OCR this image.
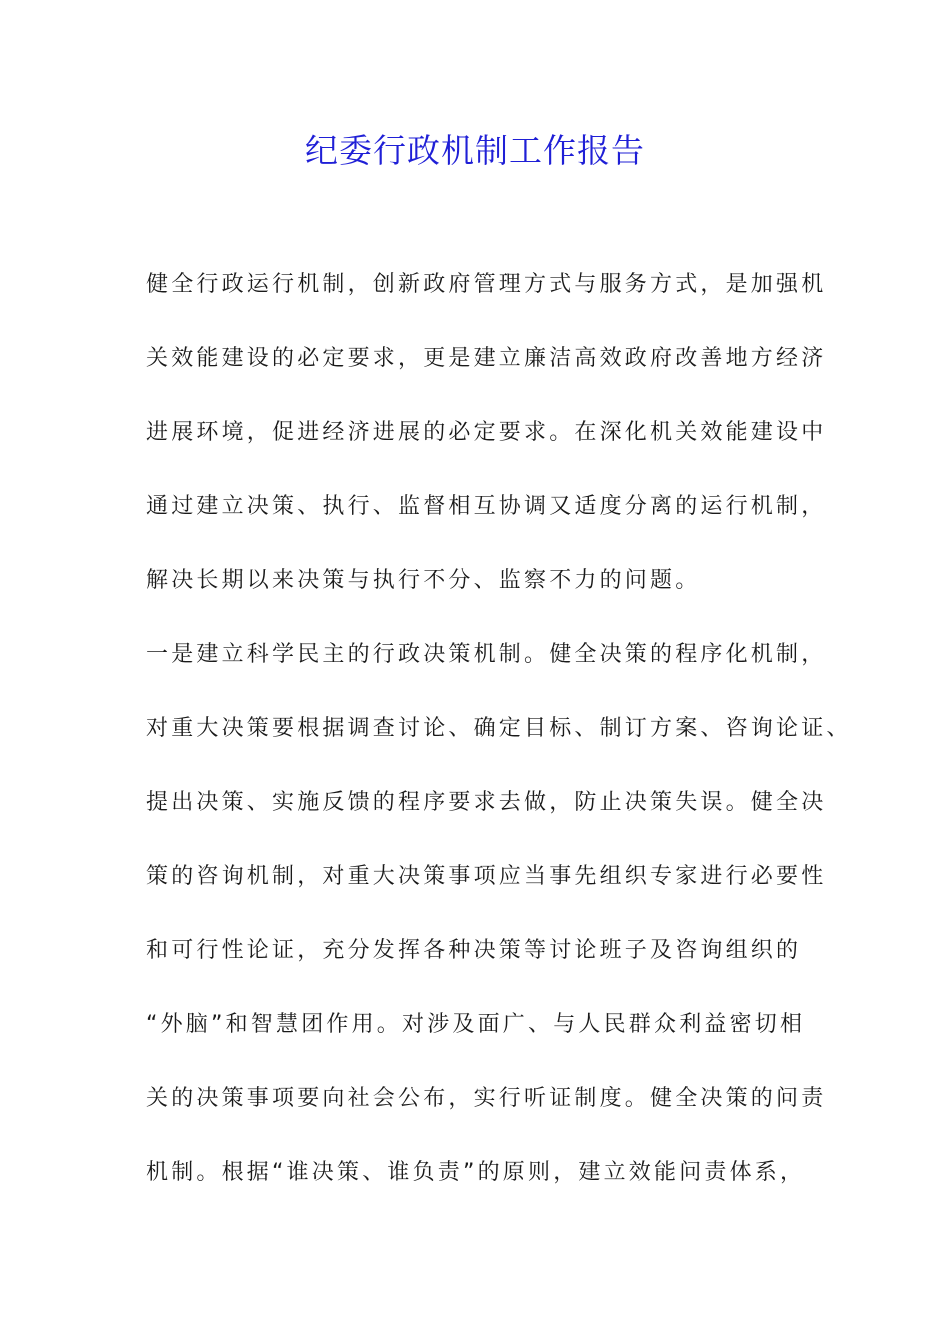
纪委行政机制工作报告
健全行政运行机制，创新政府管理方式与服务方式，是加强机
关效能建设的必定要求，更是建立廉洁高效政府改善地方经济
进展环境，促进经济进展的必定要求。在深化机关效能建设中
通过建立决策、执行、监督相互协调又适度分离的运行机制，
解决长期以来决策与执行不分、监察不力的问题。
一是建立科学民主的行政决策机制。健全决策的程序化机制，
对重大决策要根据调查讨论、确定目标、制订方案、咨询论证、
提出决策、实施反馈的程序要求去做，防止决策失误。健全决
策的咨询机制，对重大决策事项应当事先组织专家进行必要性
和可行性论证，充分发挥各种决策等讨论班子及咨询组织的
“外脑”和智慧团作用。对涉及面广、与人民群众利益密切相
关的决策事项要向社会公布，实行听证制度。健全决策的问责
机制。根据“谁决策、谁负责”的原则，建立效能问责体系，
